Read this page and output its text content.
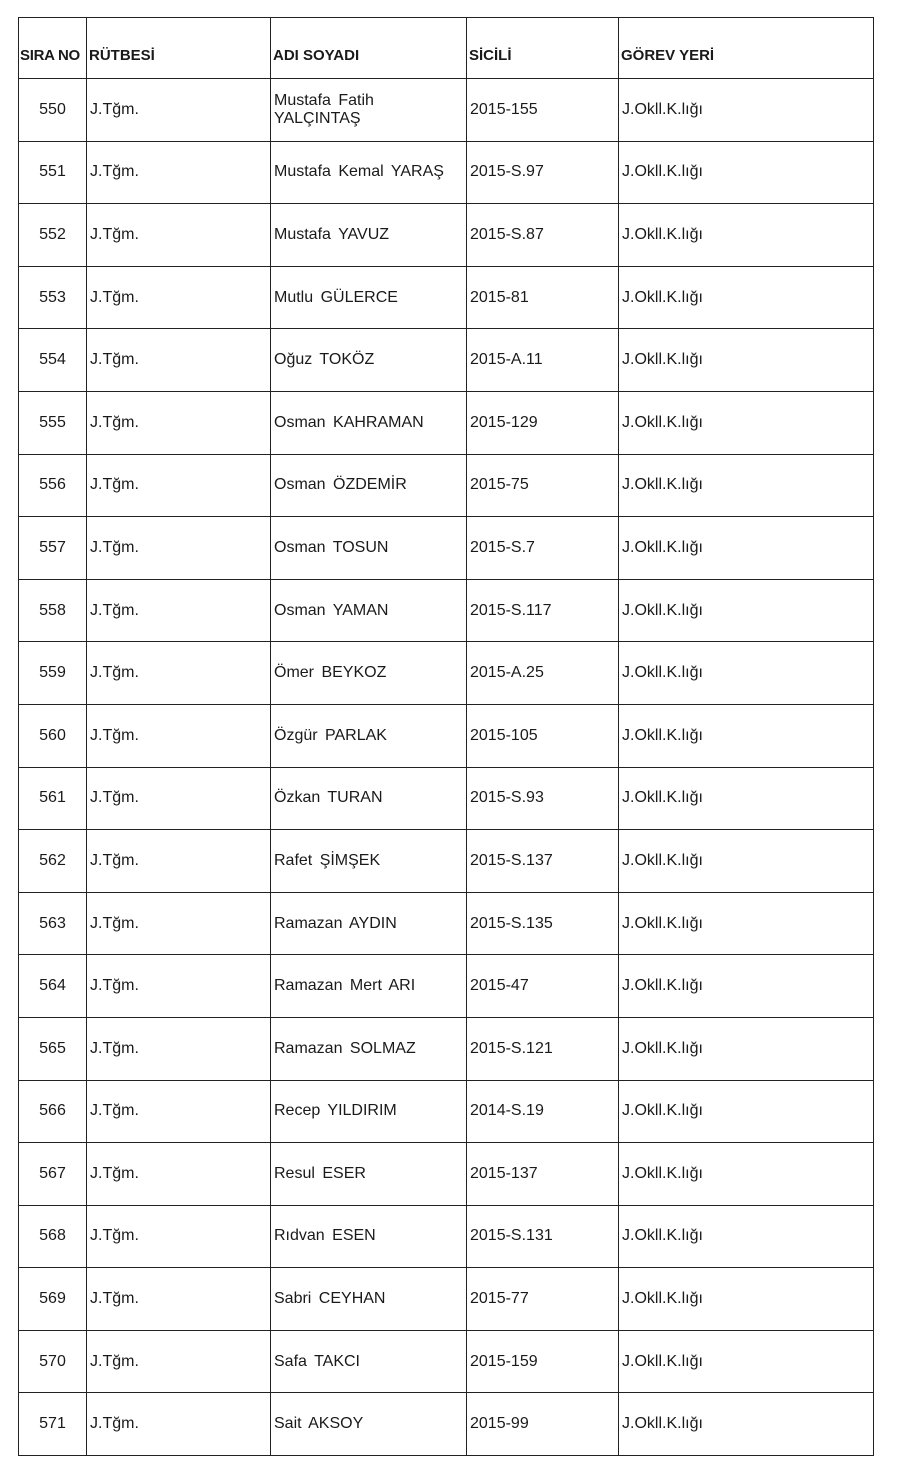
SIRA NO	RÜTBESİ	ADI SOYADI	SİCİLİ	GÖREV YERİ
550	J.Tğm.	Mustafa Fatih YALÇINTAŞ	2015-155	J.Okll.K.lığı
551	J.Tğm.	Mustafa Kemal YARAŞ	2015-S.97	J.Okll.K.lığı
552	J.Tğm.	Mustafa YAVUZ	2015-S.87	J.Okll.K.lığı
553	J.Tğm.	Mutlu GÜLERCE	2015-81	J.Okll.K.lığı
554	J.Tğm.	Oğuz TOKÖZ	2015-A.11	J.Okll.K.lığı
555	J.Tğm.	Osman KAHRAMAN	2015-129	J.Okll.K.lığı
556	J.Tğm.	Osman ÖZDEMİR	2015-75	J.Okll.K.lığı
557	J.Tğm.	Osman TOSUN	2015-S.7	J.Okll.K.lığı
558	J.Tğm.	Osman YAMAN	2015-S.117	J.Okll.K.lığı
559	J.Tğm.	Ömer BEYKOZ	2015-A.25	J.Okll.K.lığı
560	J.Tğm.	Özgür PARLAK	2015-105	J.Okll.K.lığı
561	J.Tğm.	Özkan TURAN	2015-S.93	J.Okll.K.lığı
562	J.Tğm.	Rafet ŞİMŞEK	2015-S.137	J.Okll.K.lığı
563	J.Tğm.	Ramazan AYDIN	2015-S.135	J.Okll.K.lığı
564	J.Tğm.	Ramazan Mert ARI	2015-47	J.Okll.K.lığı
565	J.Tğm.	Ramazan SOLMAZ	2015-S.121	J.Okll.K.lığı
566	J.Tğm.	Recep YILDIRIM	2014-S.19	J.Okll.K.lığı
567	J.Tğm.	Resul ESER	2015-137	J.Okll.K.lığı
568	J.Tğm.	Rıdvan ESEN	2015-S.131	J.Okll.K.lığı
569	J.Tğm.	Sabri CEYHAN	2015-77	J.Okll.K.lığı
570	J.Tğm.	Safa TAKCI	2015-159	J.Okll.K.lığı
571	J.Tğm.	Sait AKSOY	2015-99	J.Okll.K.lığı
